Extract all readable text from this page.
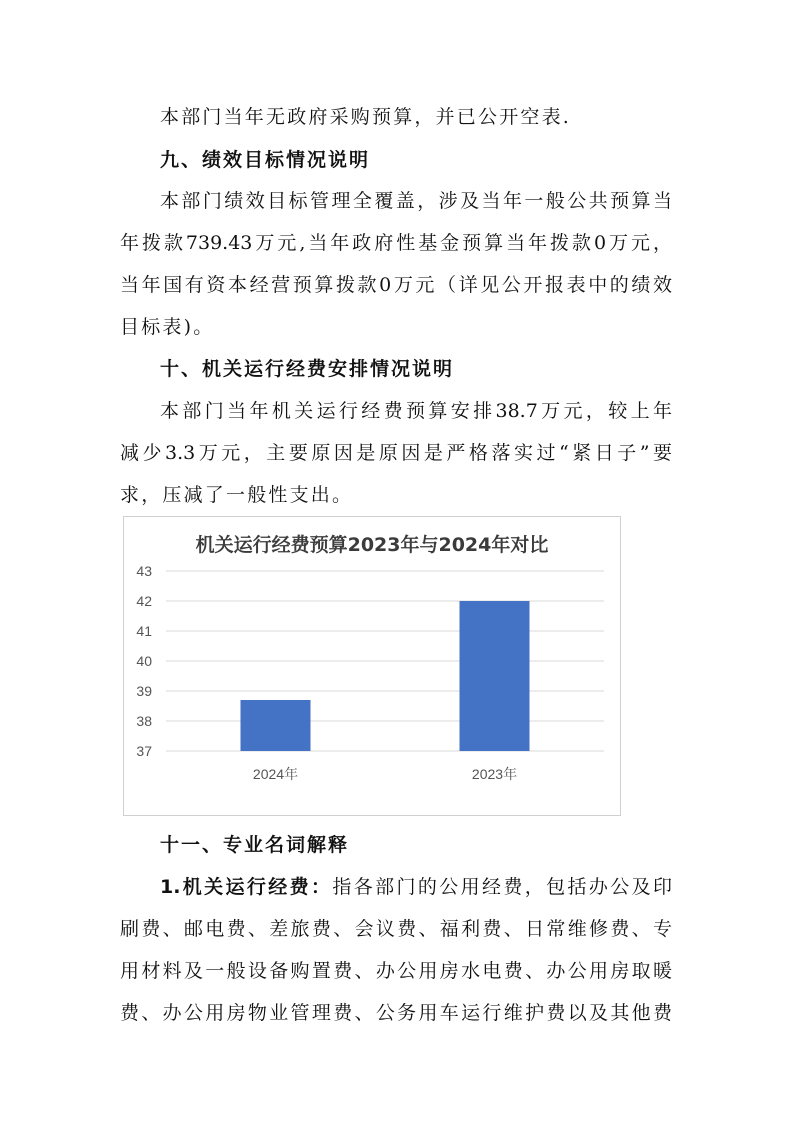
本部门当年无政府采购预算，并已公开空表.
九、绩效目标情况说明
本部门绩效目标管理全覆盖，涉及当年一般公共预算当
年拨款739.43万元,当年政府性基金预算当年拨款0万元，
当年国有资本经营预算拨款0万元（详见公开报表中的绩效
目标表)。
十、机关运行经费安排情况说明
本部门当年机关运行经费预算安排38.7万元，较上年
减少3.3万元，主要原因是原因是严格落实过“紧日子”要
求，压减了一般性支出。
机关运行经费预算2023年与2024年对比
37
38
39
40
41
42
43
2024年	2023年
十一、专业名词解释
1.机关运行经费：指各部门的公用经费，包括办公及印
刷费、邮电费、差旅费、会议费、福利费、日常维修费、专
用材料及一般设备购置费、办公用房水电费、办公用房取暖
费、办公用房物业管理费、公务用车运行维护费以及其他费
